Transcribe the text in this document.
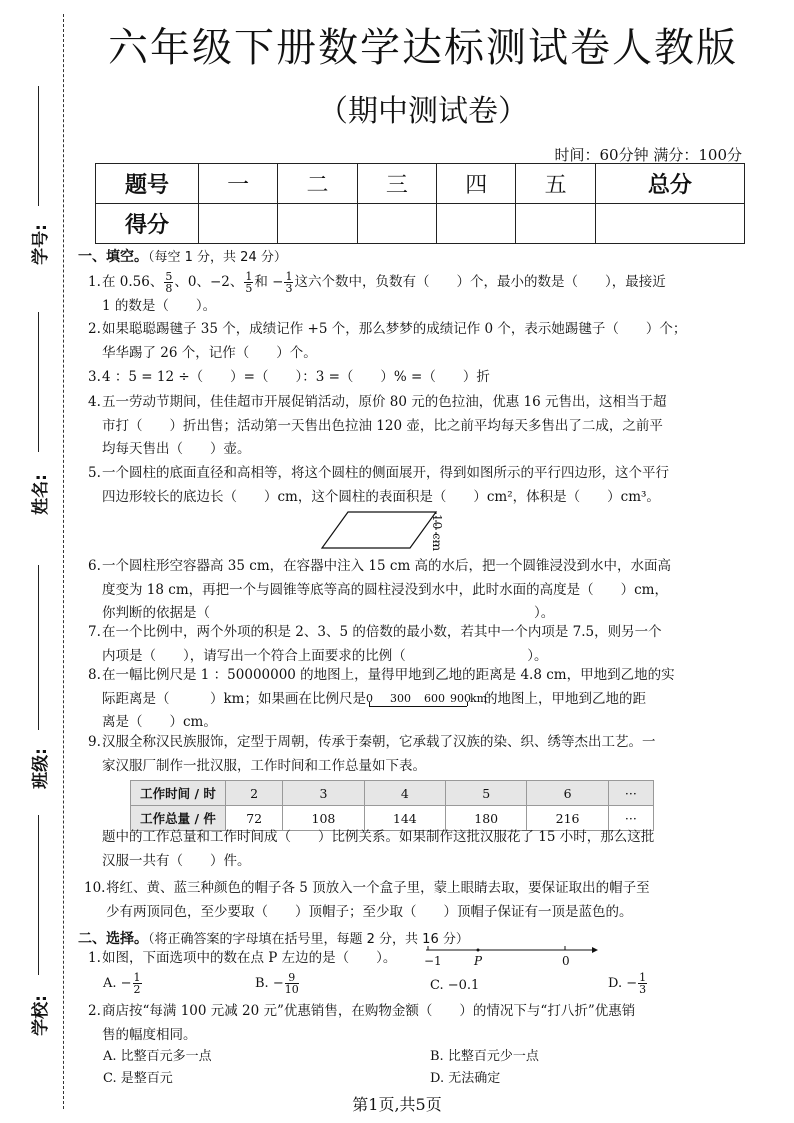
学号:
姓名:
班级:
学校:
六年级下册数学达标测试卷人教版
（期中测试卷）
时间：60分钟 满分：100分
题号	一	二	三	四	五	总分
得分						
一、填空。（每空 1 分，共 24 分）
1.在 0.56、 $\frac{5}{8}$ 、0、−2、 $\frac{1}{5}$ 和 − $\frac{1}{3}$ 这六个数中，负数有（　　）个，最小的数是（　　），最接近
1 的数是（　　）。
2.如果聪聪踢毽子 35 个，成绩记作 +5 个，那么梦梦的成绩记作 0 个，表示她踢毽子（　　）个；
华华踢了 26 个，记作（　　）个。
3.4 ：5 = 12 ÷（　　）=（　　）：3 =（　　）% =（　　）折
4.五一劳动节期间，佳佳超市开展促销活动，原价 80 元的色拉油，优惠 16 元售出，这相当于超
市打（　　）折出售；活动第一天售出色拉油 120 壶，比之前平均每天多售出了二成，之前平
均每天售出（　　）壶。
5.一个圆柱的底面直径和高相等，将这个圆柱的侧面展开，得到如图所示的平行四边形，这个平行
四边形较长的底边长（　　）cm，这个圆柱的表面积是（　　）cm²，体积是（　　）cm³。
10 cm
6.一个圆柱形空容器高 35 cm，在容器中注入 15 cm 高的水后，把一个圆锥浸没到水中，水面高
度变为 18 cm，再把一个与圆锥等底等高的圆柱浸没到水中，此时水面的高度是（　　）cm，
你判断的依据是（　　　　　　　　　　　　　　　　　　　　　　　　）。
7.在一个比例中，两个外项的积是 2、3、5 的倍数的最小数，若其中一个内项是 7.5，则另一个
内项是（　　），请写出一个符合上面要求的比例（　　　　　　　　　）。
8.在一幅比例尺是 1 ：50000000 的地图上，量得甲地到乙地的距离是 4.8 cm，甲地到乙地的实
际距离是（　　　）km；如果画在比例尺是 0 300 600 900 km
的地图上，甲地到乙地的距
离是（　　）cm。
9.汉服全称汉民族服饰，定型于周朝，传承于秦朝，它承载了汉族的染、织、绣等杰出工艺。一
家汉服厂制作一批汉服，工作时间和工作总量如下表。
工作时间 / 时	2	3	4	5	6	···
工作总量 / 件	72	108	144	180	216	···
题中的工作总量和工作时间成（　　）比例关系。如果制作这批汉服花了 15 小时，那么这批
汉服一共有（　　）件。
10.将红、黄、蓝三种颜色的帽子各 5 顶放入一个盒子里，蒙上眼睛去取，要保证取出的帽子至
少有两顶同色，至少要取（　　）顶帽子；至少取（　　）顶帽子保证有一顶是蓝色的。
二、选择。（将正确答案的字母填在括号里，每题 2 分，共 16 分）
1.如图，下面选项中的数在点 P 左边的是（　　）。	−1	P	0
A. − $\frac{1}{2}$	B. − $\frac{9}{10}$	C. −0.1	D. − $\frac{1}{3}$
2.商店按“每满 100 元减 20 元”优惠销售，在购物金额（　　）的情况下与“打八折”优惠销
售的幅度相同。
A. 比整百元多一点	B. 比整百元少一点
C. 是整百元	D. 无法确定
第1页,共5页
